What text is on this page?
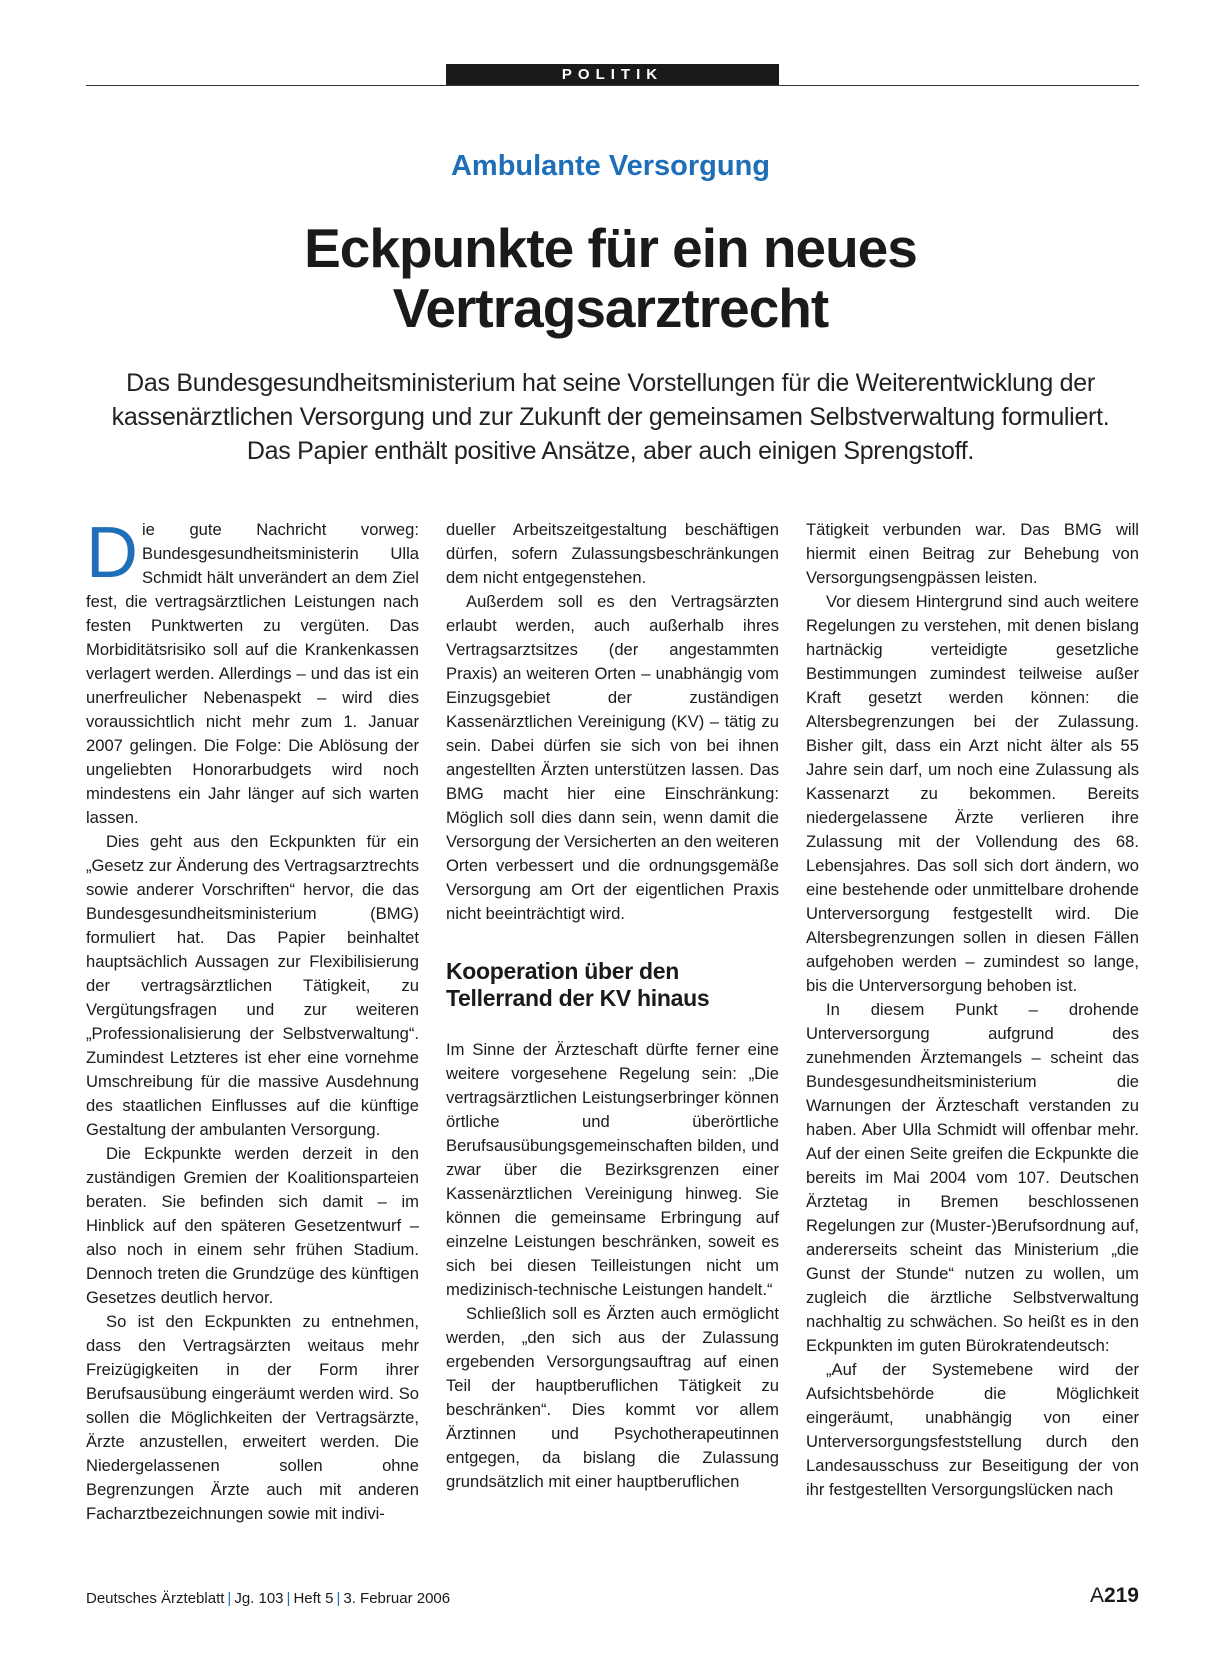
POLITIK
Ambulante Versorgung
Eckpunkte für ein neues
Vertragsarztrecht
Das Bundesgesundheitsministerium hat seine Vorstellungen für die Weiterentwicklung der kassenärztlichen Versorgung und zur Zukunft der gemeinsamen Selbstverwaltung formuliert. Das Papier enthält positive Ansätze, aber auch einigen Sprengstoff.

Die gute Nachricht vorweg: Bundesgesundheitsministerin Ulla Schmidt hält unverändert an dem Ziel fest, die vertragsärztlichen Leistungen nach festen Punktwerten zu vergüten. Das Morbiditätsrisiko soll auf die Krankenkassen verlagert werden. Allerdings – und das ist ein unerfreulicher Nebenaspekt – wird dies voraussichtlich nicht mehr zum 1. Januar 2007 gelingen. Die Folge: Die Ablösung der ungeliebten Honorarbudgets wird noch mindestens ein Jahr länger auf sich warten lassen.

Dies geht aus den Eckpunkten für ein „Gesetz zur Änderung des Vertragsarztrechts sowie anderer Vorschriften“ hervor, die das Bundesgesundheitsministerium (BMG) formuliert hat. Das Papier beinhaltet hauptsächlich Aussagen zur Flexibilisierung der vertragsärztlichen Tätigkeit, zu Vergütungsfragen und zur weiteren „Professionalisierung der Selbstverwaltung“. Zumindest Letzteres ist eher eine vornehme Umschreibung für die massive Ausdehnung des staatlichen Einflusses auf die künftige Gestaltung der ambulanten Versorgung.

Die Eckpunkte werden derzeit in den zuständigen Gremien der Koalitionsparteien beraten. Sie befinden sich damit – im Hinblick auf den späteren Gesetzentwurf – also noch in einem sehr frühen Stadium. Dennoch treten die Grundzüge des künftigen Gesetzes deutlich hervor.

So ist den Eckpunkten zu entnehmen, dass den Vertragsärzten weitaus mehr Freizügigkeiten in der Form ihrer Berufsausübung eingeräumt werden wird. So sollen die Möglichkeiten der Vertragsärzte, Ärzte anzustellen, erweitert werden. Die Niedergelassenen sollen ohne Begrenzungen Ärzte auch mit anderen Facharztbezeichnungen sowie mit indivi-

dueller Arbeitszeitgestaltung beschäftigen dürfen, sofern Zulassungsbeschränkungen dem nicht entgegenstehen.

Außerdem soll es den Vertragsärzten erlaubt werden, auch außerhalb ihres Vertragsarztsitzes (der angestammten Praxis) an weiteren Orten – unabhängig vom Einzugsgebiet der zuständigen Kassenärztlichen Vereinigung (KV) – tätig zu sein. Dabei dürfen sie sich von bei ihnen angestellten Ärzten unterstützen lassen. Das BMG macht hier eine Einschränkung: Möglich soll dies dann sein, wenn damit die Versorgung der Versicherten an den weiteren Orten verbessert und die ordnungsgemäße Versorgung am Ort der eigentlichen Praxis nicht beeinträchtigt wird.

Kooperation über den
Tellerrand der KV hinaus

Im Sinne der Ärzteschaft dürfte ferner eine weitere vorgesehene Regelung sein: „Die vertragsärztlichen Leistungserbringer können örtliche und überörtliche Berufsausübungsgemeinschaften bilden, und zwar über die Bezirksgrenzen einer Kassenärztlichen Vereinigung hinweg. Sie können die gemeinsame Erbringung auf einzelne Leistungen beschränken, soweit es sich bei diesen Teilleistungen nicht um medizinisch-technische Leistungen handelt.“

Schließlich soll es Ärzten auch ermöglicht werden, „den sich aus der Zulassung ergebenden Versorgungsauftrag auf einen Teil der hauptberuflichen Tätigkeit zu beschränken“. Dies kommt vor allem Ärztinnen und Psychotherapeutinnen entgegen, da bislang die Zulassung grundsätzlich mit einer hauptberuflichen

Tätigkeit verbunden war. Das BMG will hiermit einen Beitrag zur Behebung von Versorgungsengpässen leisten.

Vor diesem Hintergrund sind auch weitere Regelungen zu verstehen, mit denen bislang hartnäckig verteidigte gesetzliche Bestimmungen zumindest teilweise außer Kraft gesetzt werden können: die Altersbegrenzungen bei der Zulassung. Bisher gilt, dass ein Arzt nicht älter als 55 Jahre sein darf, um noch eine Zulassung als Kassenarzt zu bekommen. Bereits niedergelassene Ärzte verlieren ihre Zulassung mit der Vollendung des 68. Lebensjahres. Das soll sich dort ändern, wo eine bestehende oder unmittelbare drohende Unterversorgung festgestellt wird. Die Altersbegrenzungen sollen in diesen Fällen aufgehoben werden – zumindest so lange, bis die Unterversorgung behoben ist.

In diesem Punkt – drohende Unterversorgung aufgrund des zunehmenden Ärztemangels – scheint das Bundesgesundheitsministerium die Warnungen der Ärzteschaft verstanden zu haben. Aber Ulla Schmidt will offenbar mehr. Auf der einen Seite greifen die Eckpunkte die bereits im Mai 2004 vom 107. Deutschen Ärztetag in Bremen beschlossenen Regelungen zur (Muster-)Berufsordnung auf, andererseits scheint das Ministerium „die Gunst der Stunde“ nutzen zu wollen, um zugleich die ärztliche Selbstverwaltung nachhaltig zu schwächen. So heißt es in den Eckpunkten im guten Bürokratendeutsch:

„Auf der Systemebene wird der Aufsichtsbehörde die Möglichkeit eingeräumt, unabhängig von einer Unterversorgungsfeststellung durch den Landesausschuss zur Beseitigung der von ihr festgestellten Versorgungslücken nach

Deutsches Ärzteblatt | Jg. 103 | Heft 5 | 3. Februar 2006	A219
